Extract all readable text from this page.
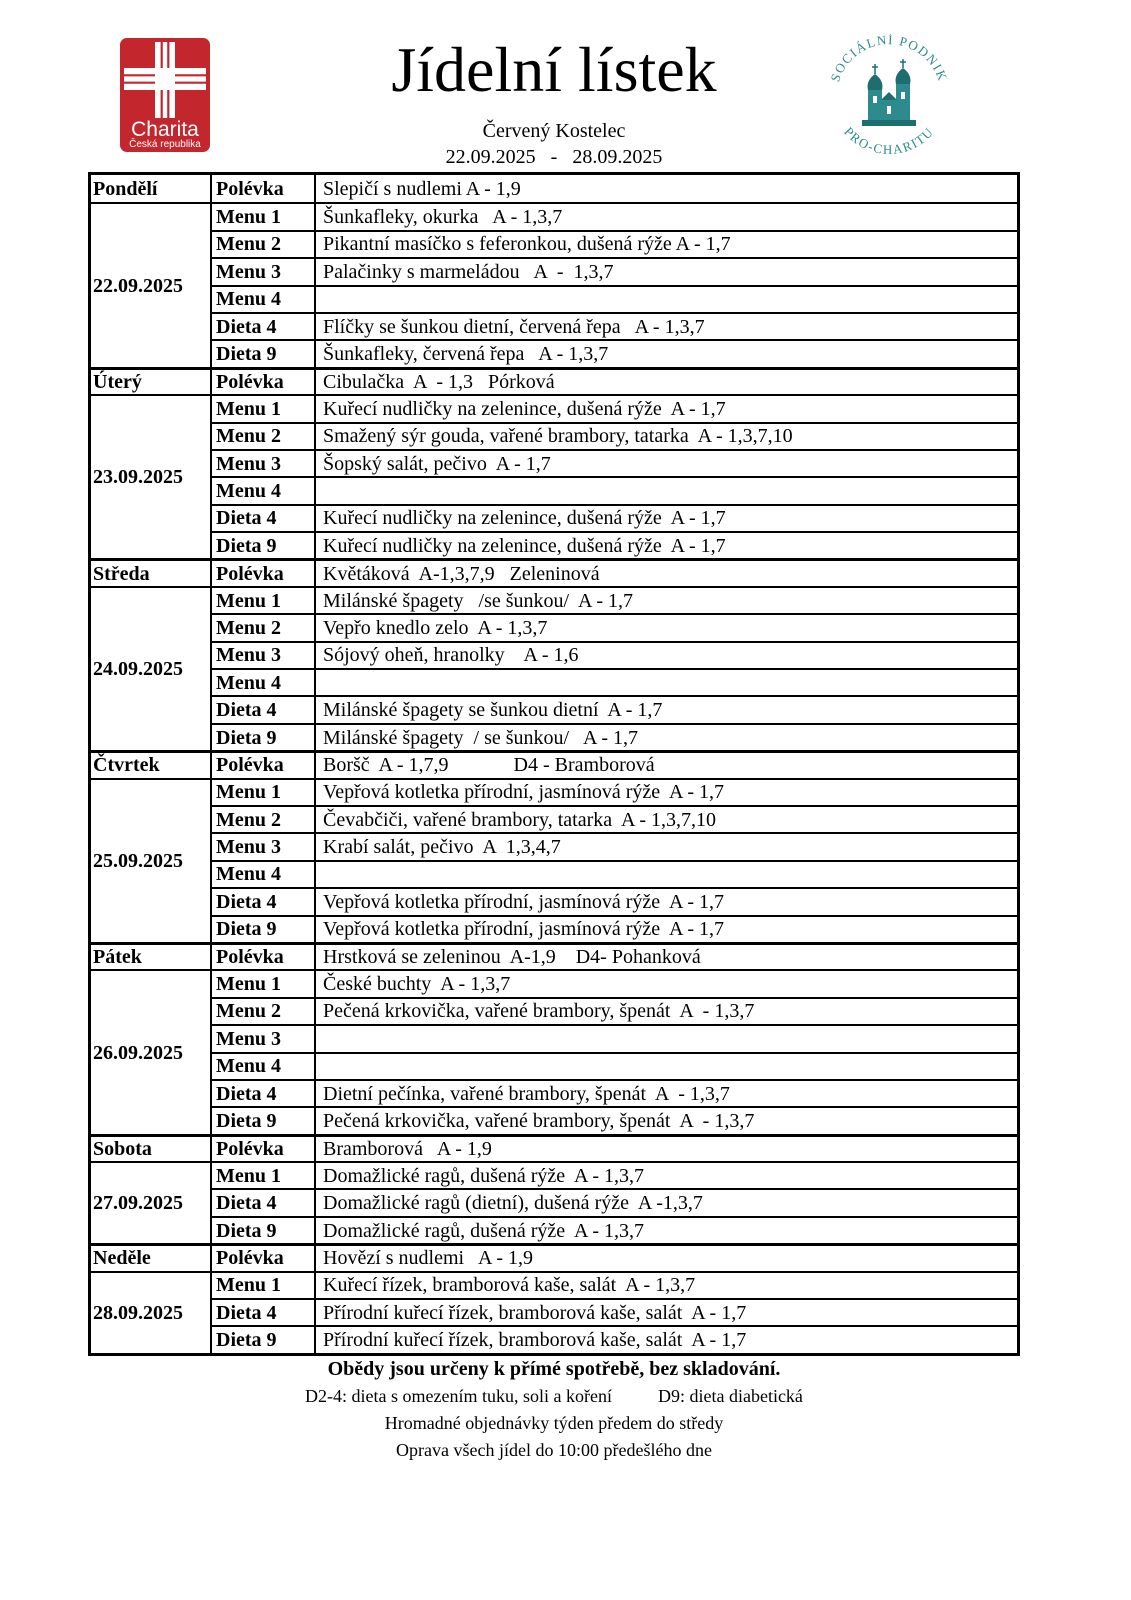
Charita
Česká republika
Jídelní lístek
Červený Kostelec
22.09.2025   -   28.09.2025
SOCIÁLNÍ PODNIK
PRO-CHARITU
Pondělí	Polévka	Slepičí s nudlemi A - 1,9
22.09.2025
Menu 1	Šunkafleky, okurka   A - 1,3,7
Menu 2	Pikantní masíčko s feferonkou, dušená rýže A - 1,7
Menu 3	Palačinky s marmeládou   A  -  1,3,7
Menu 4
Dieta 4	Flíčky se šunkou dietní, červená řepa   A - 1,3,7
Dieta 9	Šunkafleky, červená řepa   A - 1,3,7
Úterý	Polévka	Cibulačka  A  - 1,3   Pórková
23.09.2025
Menu 1	Kuřecí nudličky na zelenince, dušená rýže  A - 1,7
Menu 2	Smažený sýr gouda, vařené brambory, tatarka  A - 1,3,7,10
Menu 3	Šopský salát, pečivo  A - 1,7
Menu 4
Dieta 4	Kuřecí nudličky na zelenince, dušená rýže  A - 1,7
Dieta 9	Kuřecí nudličky na zelenince, dušená rýže  A - 1,7
Středa	Polévka	Květáková  A-1,3,7,9   Zeleninová
24.09.2025
Menu 1	Milánské špagety   /se šunkou/  A - 1,7
Menu 2	Vepřo knedlo zelo  A - 1,3,7
Menu 3	Sójový oheň, hranolky    A - 1,6
Menu 4
Dieta 4	Milánské špagety se šunkou dietní  A - 1,7
Dieta 9	Milánské špagety  / se šunkou/   A - 1,7
Čtvrtek	Polévka	Boršč  A - 1,7,9             D4 - Bramborová
25.09.2025
Menu 1	Vepřová kotletka přírodní, jasmínová rýže  A - 1,7
Menu 2	Čevabčiči, vařené brambory, tatarka  A - 1,3,7,10
Menu 3	Krabí salát, pečivo  A  1,3,4,7
Menu 4
Dieta 4	Vepřová kotletka přírodní, jasmínová rýže  A - 1,7
Dieta 9	Vepřová kotletka přírodní, jasmínová rýže  A - 1,7
Pátek	Polévka	Hrstková se zeleninou  A-1,9    D4- Pohanková
26.09.2025
Menu 1	České buchty  A - 1,3,7
Menu 2	Pečená krkovička, vařené brambory, špenát  A  - 1,3,7
Menu 3
Menu 4
Dieta 4	Dietní pečínka, vařené brambory, špenát  A  - 1,3,7
Dieta 9	Pečená krkovička, vařené brambory, špenát  A  - 1,3,7
Sobota	Polévka	Bramborová   A - 1,9
27.09.2025
Menu 1	Domažlické ragů, dušená rýže  A - 1,3,7
Dieta 4	Domažlické ragů (dietní), dušená rýže  A -1,3,7
Dieta 9	Domažlické ragů, dušená rýže  A - 1,3,7
Neděle	Polévka	Hovězí s nudlemi   A - 1,9
28.09.2025
Menu 1	Kuřecí řízek, bramborová kaše, salát  A - 1,3,7
Dieta 4	Přírodní kuřecí řízek, bramborová kaše, salát  A - 1,7
Dieta 9	Přírodní kuřecí řízek, bramborová kaše, salát  A - 1,7
Obědy jsou určeny k přímé spotřebě, bez skladování.
D2-4: dieta s omezením tuku, soli a koření	D9: dieta diabetická
Hromadné objednávky týden předem do středy
Oprava všech jídel do 10:00 předešlého dne
